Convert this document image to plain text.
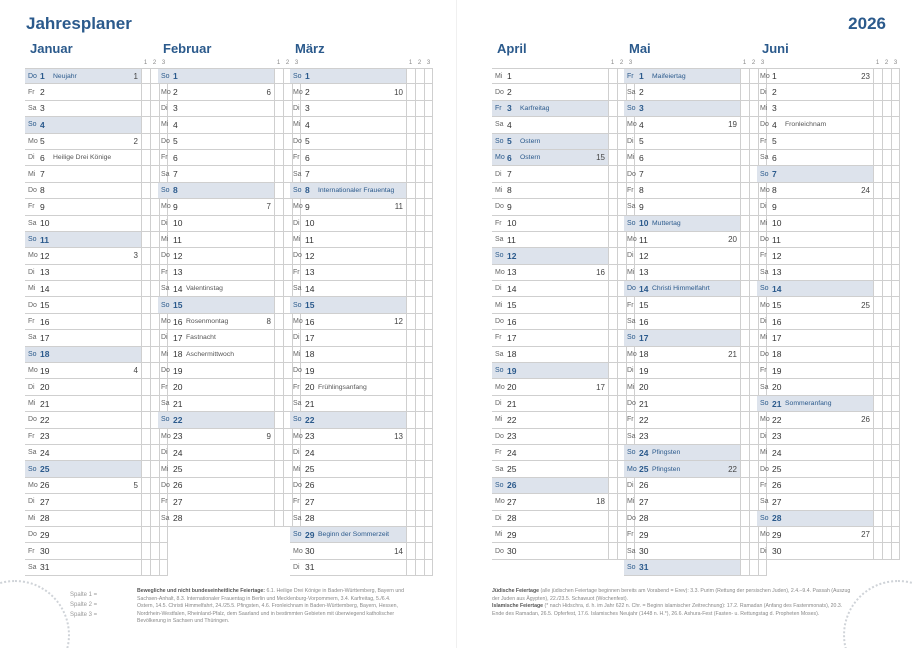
Jahresplaner	2026
Januar
1 2 3
Do 1	Neujahr	1
Fr 2
Sa 3
So 4
Mo 5	2
Di 6	Heilige Drei Könige
Mi 7
Do 8
Fr 9
Sa 10
So 11
Mo 12	3
Di 13
Mi 14
Do 15
Fr 16
Sa 17
So 18
Mo 19	4
Di 20
Mi 21
Do 22
Fr 23
Sa 24
So 25
Mo 26	5
Di 27
Mi 28
Do 29
Fr 30
Sa 31
Februar
1 2 3
So 1
Mo 2	6
Di 3
Mi 4
Do 5
Fr 6
Sa 7
So 8
Mo 9	7
Di 10
Mi 11
Do 12
Fr 13
Sa 14 Valentinstag
So 15
Mo 16 Rosenmontag	8
Di 17 Fastnacht
Mi 18 Aschermittwoch
Do 19
Fr 20
Sa 21
So 22
Mo 23	9
Di 24
Mi 25
Do 26
Fr 27
Sa 28
März
1 2 3
So 1
Mo 2	10
Di 3
Mi 4
Do 5
Fr 6
Sa 7
So 8	Internationaler Frauentag
Mo 9	11
Di 10
Mi 11
Do 12
Fr 13
Sa 14
So 15
Mo 16	12
Di 17
Mi 18
Do 19
Fr 20 Frühlingsanfang
Sa 21
So 22
Mo 23	13
Di 24
Mi 25
Do 26
Fr 27
Sa 28
So 29 Beginn der Sommerzeit
Mo 30	14
Di 31
April
1 2 3
Mi 1
Do 2
Fr 3	Karfreitag
Sa 4
So 5	Ostern
Mo 6	Ostern	15
Di 7
Mi 8
Do 9
Fr 10
Sa 11
So 12
Mo 13	16
Di 14
Mi 15
Do 16
Fr 17
Sa 18
So 19
Mo 20	17
Di 21
Mi 22
Do 23
Fr 24
Sa 25
So 26
Mo 27	18
Di 28
Mi 29
Do 30
Mai
1 2 3
Fr 1	Maifeiertag
Sa 2
So 3
Mo 4	19
Di 5
Mi 6
Do 7
Fr 8
Sa 9
So 10 Muttertag
Mo 11	20
Di 12
Mi 13
Do 14 Christi Himmelfahrt
Fr 15
Sa 16
So 17
Mo 18	21
Di 19
Mi 20
Do 21
Fr 22
Sa 23
So 24 Pfingsten
Mo 25 Pfingsten	22
Di 26
Mi 27
Do 28
Fr 29
Sa 30
So 31
Juni
1 2 3
Mo 1	23
Di 2
Mi 3
Do 4	Fronleichnam
Fr 5
Sa 6
So 7
Mo 8	24
Di 9
Mi 10
Do 11
Fr 12
Sa 13
So 14
Mo 15	25
Di 16
Mi 17
Do 18
Fr 19
Sa 20
So 21 Sommeranfang
Mo 22	26
Di 23
Mi 24
Do 25
Fr 26
Sa 27
So 28
Mo 29	27
Di 30
Spalte 1 =
Spalte 2 =
Spalte 3 =
Bewegliche und nicht bundeseinheitliche Feiertage: 6.1. Heilige Drei Könige in Baden-Württemberg, Bayern und Sachsen-Anhalt, 8.3. Internationaler Frauentag in Berlin und Mecklenburg-Vorpommern, 3.4. Karfreitag, 5./6.4. Ostern, 14.5. Christi Himmelfahrt, 24./25.5. Pfingsten, 4.6. Fronleichnam in Baden-Württemberg, Bayern, Hessen, Nordrhein-Westfalen, Rheinland-Pfalz, dem Saarland und in bestimmten Gebieten mit überwiegend katholischer Bevölkerung in Sachsen und Thüringen.
Jüdische Feiertage (alle jüdischen Feiertage beginnen bereits am Vorabend = Erev): 3.3. Purim (Rettung der persischen Juden), 2.4.–9.4. Passah (Auszug der Juden aus Ägypten), 22./23.5. Schawuot (Wochenfest).
Islamische Feiertage (* nach Hidschra, d. h. im Jahr 622 n. Chr. = Beginn islamischer Zeitrechnung): 17.2. Ramadan (Anfang des Fastenmonats), 20.3. Ende des Ramadan, 26.5. Opferfest, 17.6. Islamisches Neujahr (1448 n. H.*), 26.6. Ashura-Fest (Fasten- u. Rettungstag d. Propheten Moses).
